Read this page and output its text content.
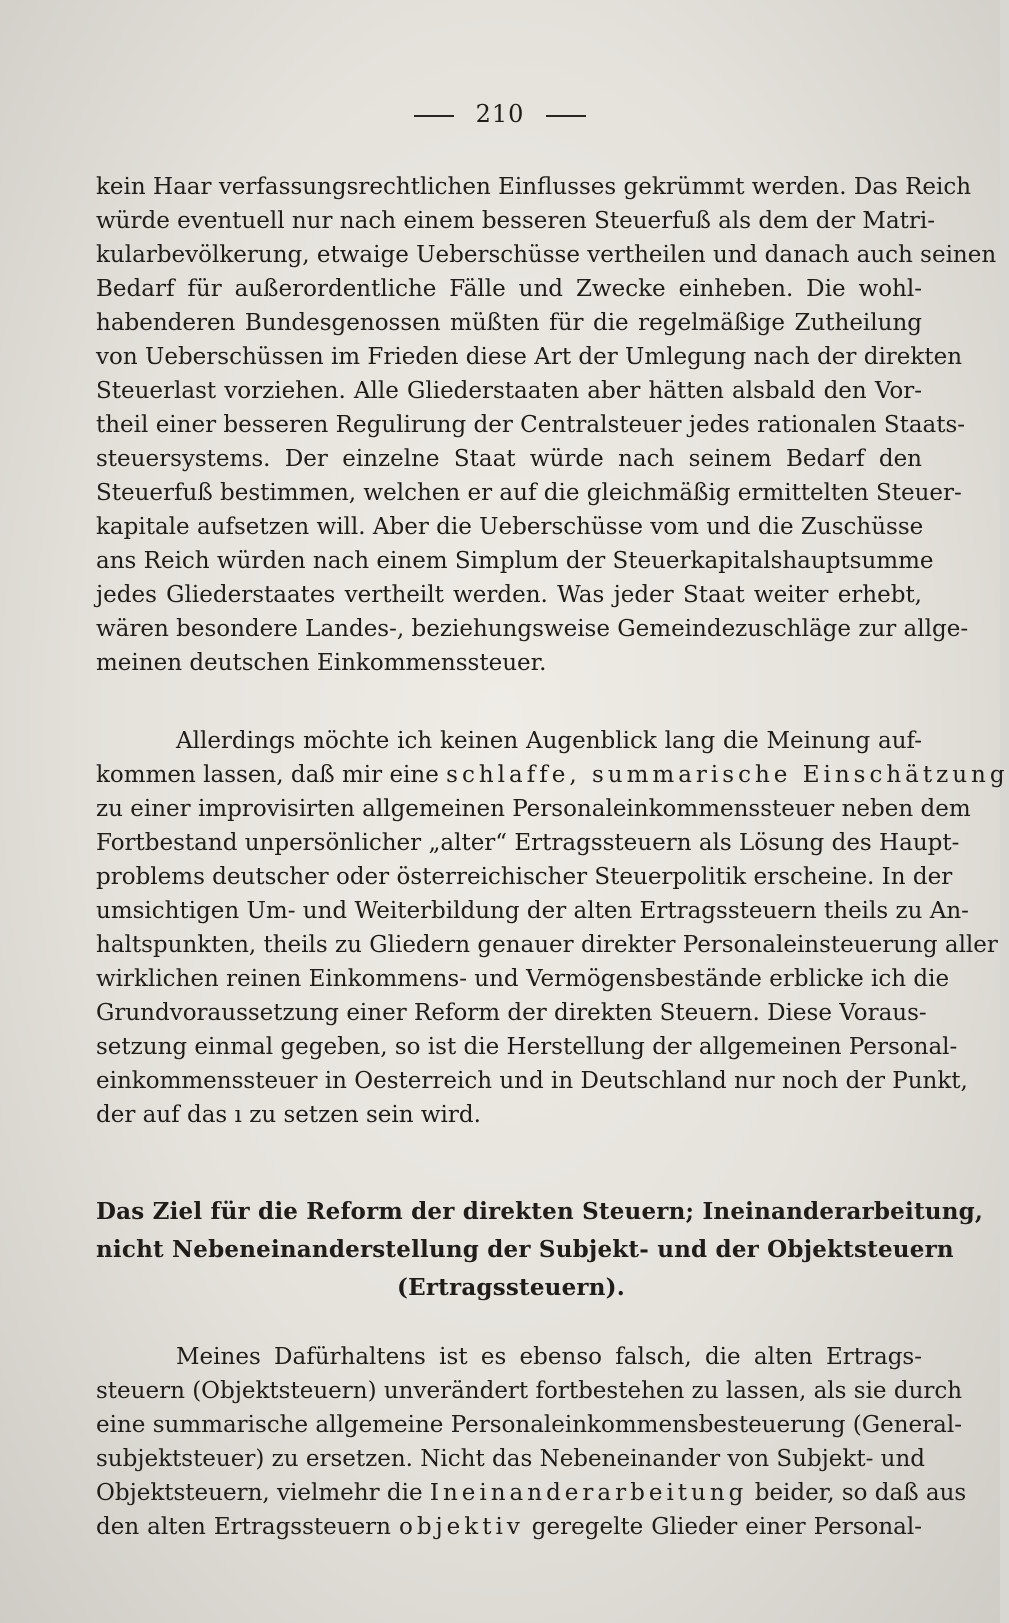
210
kein Haar verfassungsrechtlichen Einflusses gekrümmt werden. Das Reich
würde eventuell nur nach einem besseren Steuerfuß als dem der Matri-
kularbevölkerung, etwaige Ueberschüsse vertheilen und danach auch seinen
Bedarf für außerordentliche Fälle und Zwecke einheben. Die wohl-
habenderen Bundesgenossen müßten für die regelmäßige Zutheilung
von Ueberschüssen im Frieden diese Art der Umlegung nach der direkten
Steuerlast vorziehen. Alle Gliederstaaten aber hätten alsbald den Vor-
theil einer besseren Regulirung der Centralsteuer jedes rationalen Staats-
steuersystems. Der einzelne Staat würde nach seinem Bedarf den
Steuerfuß bestimmen, welchen er auf die gleichmäßig ermittelten Steuer-
kapitale aufsetzen will. Aber die Ueberschüsse vom und die Zuschüsse
ans Reich würden nach einem Simplum der Steuerkapitalshauptsumme
jedes Gliederstaates vertheilt werden. Was jeder Staat weiter erhebt,
wären besondere Landes-, beziehungsweise Gemeindezuschläge zur allge-
meinen deutschen Einkommenssteuer.
Allerdings möchte ich keinen Augenblick lang die Meinung auf-
kommen lassen, daß mir eine schlaffe, summarische Einschätzung
zu einer improvisirten allgemeinen Personaleinkommenssteuer neben dem
Fortbestand unpersönlicher „alter“ Ertragssteuern als Lösung des Haupt-
problems deutscher oder österreichischer Steuerpolitik erscheine. In der
umsichtigen Um- und Weiterbildung der alten Ertragssteuern theils zu An-
haltspunkten, theils zu Gliedern genauer direkter Personaleinsteuerung aller
wirklichen reinen Einkommens- und Vermögensbestände erblicke ich die
Grundvoraussetzung einer Reform der direkten Steuern. Diese Voraus-
setzung einmal gegeben, so ist die Herstellung der allgemeinen Personal-
einkommenssteuer in Oesterreich und in Deutschland nur noch der Punkt,
der auf das ı zu setzen sein wird.
Das Ziel für die Reform der direkten Steuern; Ineinanderarbeitung,
nicht Nebeneinanderstellung der Subjekt- und der Objektsteuern
(Ertragssteuern).
Meines Dafürhaltens ist es ebenso falsch, die alten Ertrags-
steuern (Objektsteuern) unverändert fortbestehen zu lassen, als sie durch
eine summarische allgemeine Personaleinkommensbesteuerung (General-
subjektsteuer) zu ersetzen. Nicht das Nebeneinander von Subjekt- und
Objektsteuern, vielmehr die Ineinanderarbeitung beider, so daß aus
den alten Ertragssteuern objektiv geregelte Glieder einer Personal-
